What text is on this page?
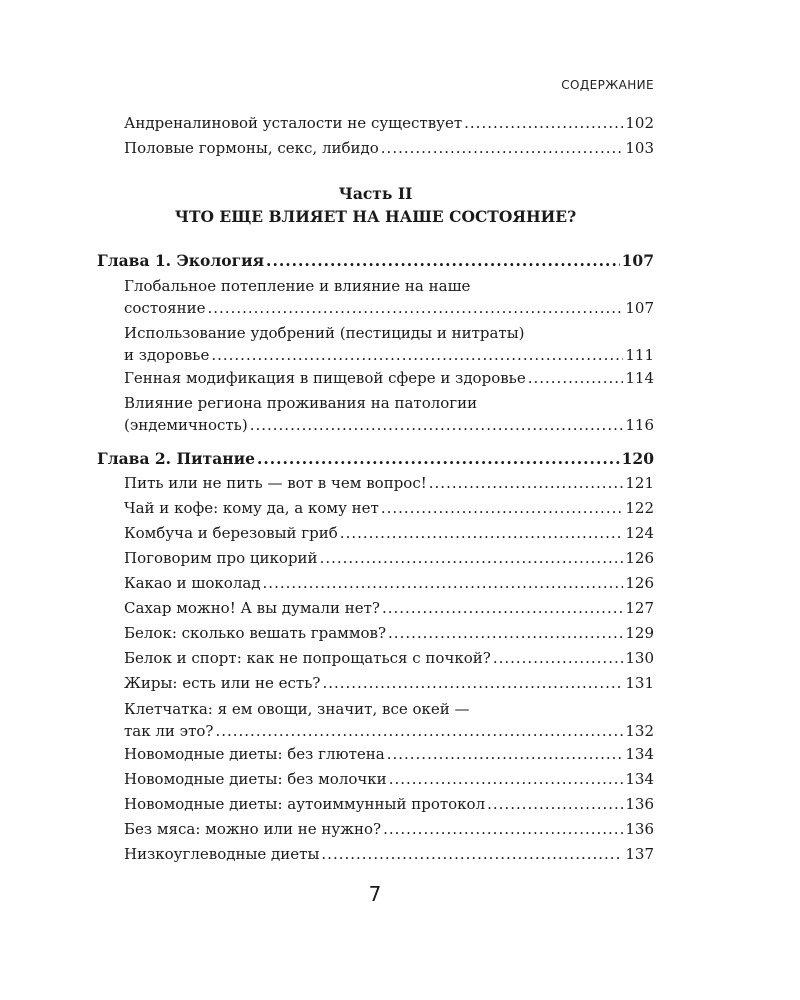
СОДЕРЖАНИЕ
Андреналиновой усталости не существует .....	102
Половые гормоны, секс, либидо .....	103
Часть II
ЧТО ЕЩЕ ВЛИЯЕТ НА НАШЕ СОСТОЯНИЕ?
Глава 1. Экология .....	107
Глобальное потепление и влияние на наше
состояние .....	107
Использование удобрений (пестициды и нитраты)
и здоровье .....	111
Генная модификация в пищевой сфере и здоровье .....	114
Влияние региона проживания на патологии
(эндемичность) .....	116
Глава 2. Питание .....	120
Пить или не пить — вот в чем вопрос! .....	121
Чай и кофе: кому да, а кому нет .....	122
Комбуча и березовый гриб .....	124
Поговорим про цикорий .....	126
Какао и шоколад .....	126
Сахар можно! А вы думали нет? .....	127
Белок: сколько вешать граммов? .....	129
Белок и спорт: как не попрощаться с почкой? .....	130
Жиры: есть или не есть? .....	131
Клетчатка: я ем овощи, значит, все окей —
так ли это? .....	132
Новомодные диеты: без глютена .....	134
Новомодные диеты: без молочки .....	134
Новомодные диеты: аутоиммунный протокол .....	136
Без мяса: можно или не нужно? .....	136
Низкоуглеводные диеты .....	137
7
